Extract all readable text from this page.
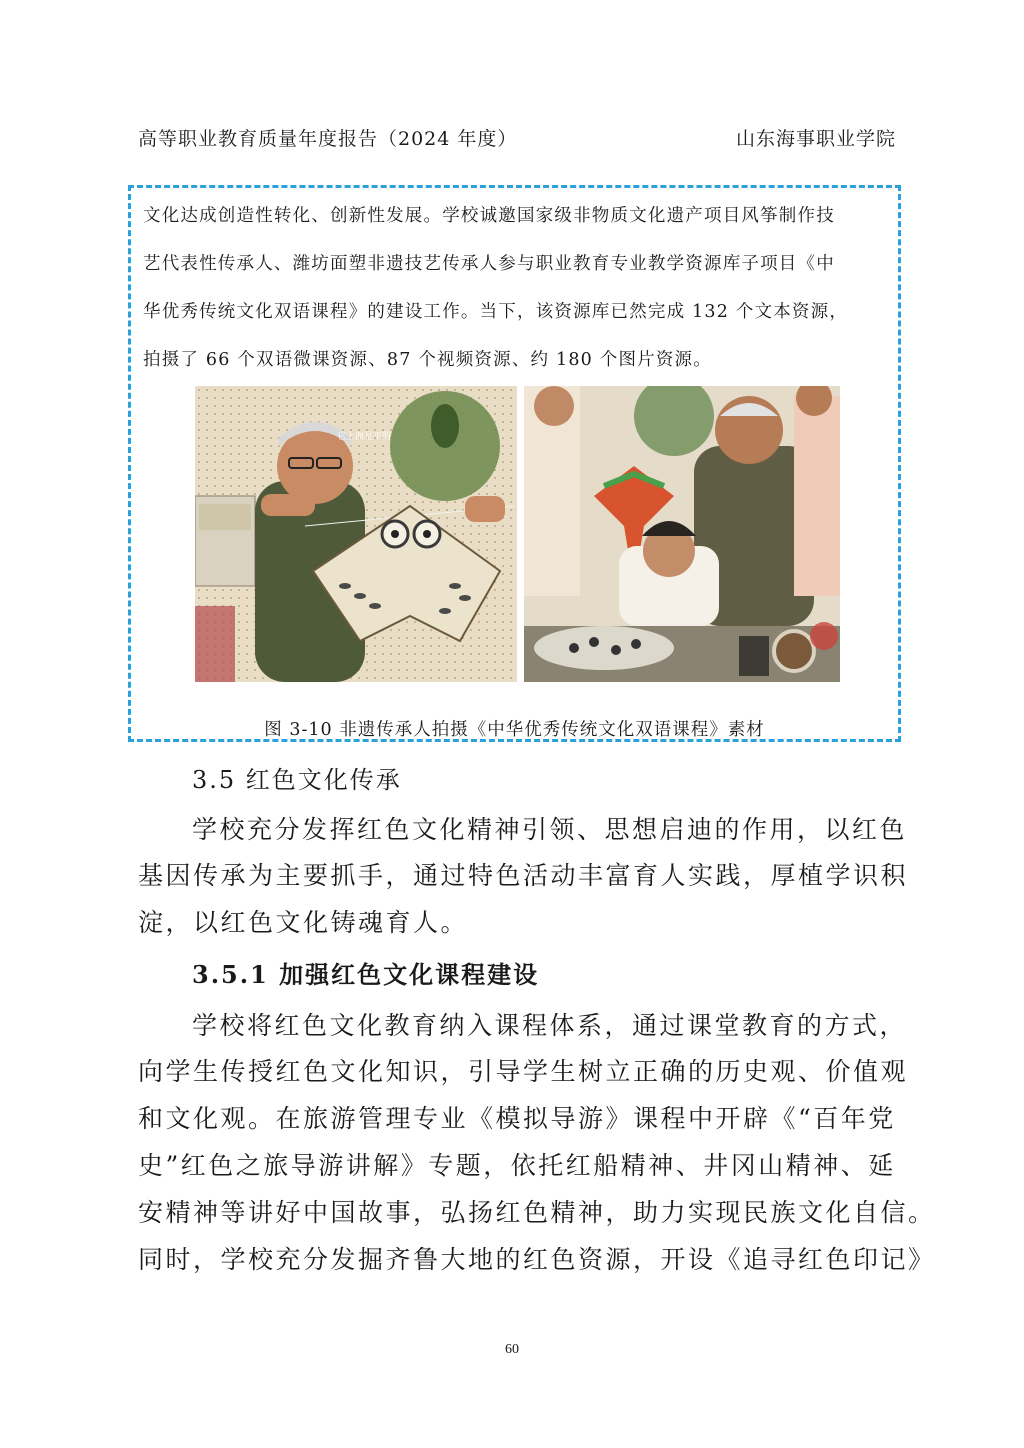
高等职业教育质量年度报告（2024 年度）	山东海事职业学院
文化达成创造性转化、创新性发展。学校诚邀国家级非物质文化遗产项目风筝制作技
艺代表性传承人、潍坊面塑非遗技艺传承人参与职业教育专业教学资源库子项目《中
华优秀传统文化双语课程》的建设工作。当下，该资源库已然完成 132 个文本资源，
拍摄了 66 个双语微课资源、87 个视频资源、约 180 个图片资源。
它上面是平的
图 3-10 非遗传承人拍摄《中华优秀传统文化双语课程》素材
3.5 红色文化传承
学校充分发挥红色文化精神引领、思想启迪的作用，以红色
基因传承为主要抓手，通过特色活动丰富育人实践，厚植学识积
淀，以红色文化铸魂育人。
3.5.1 加强红色文化课程建设
学校将红色文化教育纳入课程体系，通过课堂教育的方式，
向学生传授红色文化知识，引导学生树立正确的历史观、价值观
和文化观。在旅游管理专业《模拟导游》课程中开辟《“百年党
史”红色之旅导游讲解》专题，依托红船精神、井冈山精神、延
安精神等讲好中国故事，弘扬红色精神，助力实现民族文化自信。
同时，学校充分发掘齐鲁大地的红色资源，开设《追寻红色印记》
60
